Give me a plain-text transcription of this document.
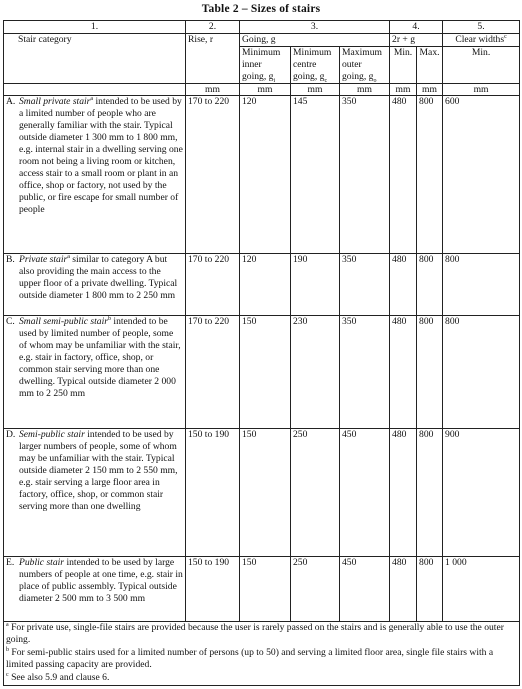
Table 2 – Sizes of stairs
1.	2.	3.			4.		5.
Stair category	Rise, r	Going, g			2r + g		Clear widths$^c$
		Minimum inner going, $g_i$	Minimum centre going, $g_c$	Maximum outer going, $g_o$	Min.	Max.	Min.
	mm	mm	mm	mm	mm	mm	mm

A. Small private stair$^a$ intended to be used by a limited number of people who are generally familiar with the stair. Typical outside diameter 1 300 mm to 1 800 mm, e.g. internal stair in a dwelling serving one room not being a living room or kitchen, access stair to a small room or plant in an office, shop or factory, not used by the public, or fire escape for small number of people	170 to 220	120	145	350	480	800	600

B. Private stair$^a$ similar to category A but also providing the main access to the upper floor of a private dwelling. Typical outside diameter 1 800 mm to 2 250 mm	170 to 220	120	190	350	480	800	800

C. Small semi-public stair$^b$ intended to be used by limited number of people, some of whom may be unfamiliar with the stair, e.g. stair in factory, office, shop, or common stair serving more than one dwelling. Typical outside diameter 2 000 mm to 2 250 mm	170 to 220	150	230	350	480	800	800

D. Semi-public stair intended to be used by larger numbers of people, some of whom may be unfamiliar with the stair. Typical outside diameter 2 150 mm to 2 550 mm, e.g. stair serving a large floor area in factory, office, shop, or common stair serving more than one dwelling	150 to 190	150	250	450	480	800	900

E. Public stair intended to be used by large numbers of people at one time, e.g. stair in place of public assembly. Typical outside diameter 2 500 mm to 3 500 mm	150 to 190	150	250	450	480	800	1 000

$^a$ For private use, single-file stairs are provided because the user is rarely passed on the stairs and is generally able to use the outer going.

$^b$ For semi-public stairs used for a limited number of persons (up to 50) and serving a limited floor area, single file stairs with a limited passing capacity are provided.

$^c$ See also 5.9 and clause 6.							
